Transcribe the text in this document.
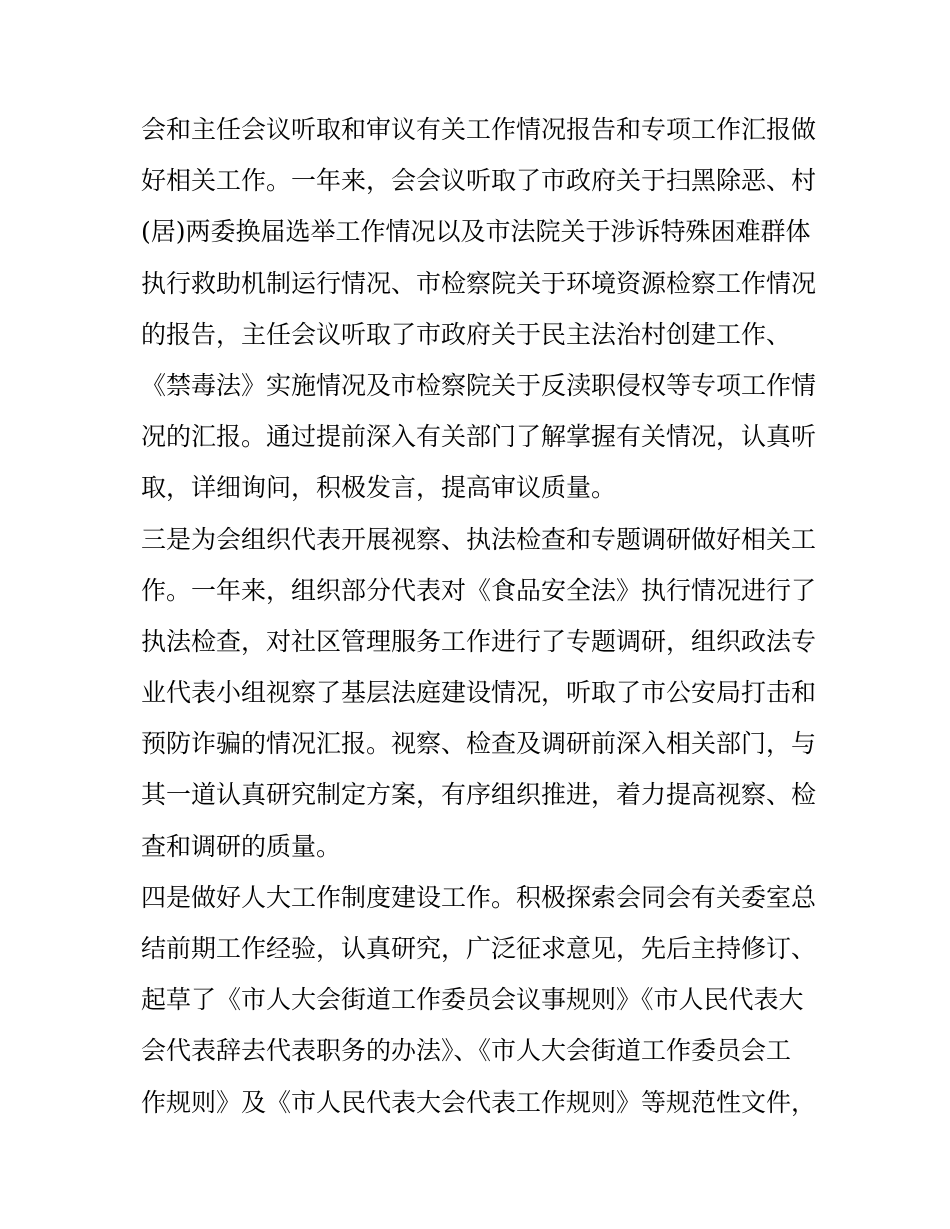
会和主任会议听取和审议有关工作情况报告和专项工作汇报做
好相关工作。一年来，会会议听取了市政府关于扫黑除恶、村
(居)两委换届选举工作情况以及市法院关于涉诉特殊困难群体
执行救助机制运行情况、市检察院关于环境资源检察工作情况
的报告，主任会议听取了市政府关于民主法治村创建工作、
《禁毒法》实施情况及市检察院关于反渎职侵权等专项工作情
况的汇报。通过提前深入有关部门了解掌握有关情况，认真听
取，详细询问，积极发言，提高审议质量。
三是为会组织代表开展视察、执法检查和专题调研做好相关工
作。一年来，组织部分代表对《食品安全法》执行情况进行了
执法检查，对社区管理服务工作进行了专题调研，组织政法专
业代表小组视察了基层法庭建设情况，听取了市公安局打击和
预防诈骗的情况汇报。视察、检查及调研前深入相关部门，与
其一道认真研究制定方案，有序组织推进，着力提高视察、检
查和调研的质量。
四是做好人大工作制度建设工作。积极探索会同会有关委室总
结前期工作经验，认真研究，广泛征求意见，先后主持修订、
起草了《市人大会街道工作委员会议事规则》《市人民代表大
会代表辞去代表职务的办法》、《市人大会街道工作委员会工
作规则》及《市人民代表大会代表工作规则》等规范性文件，
